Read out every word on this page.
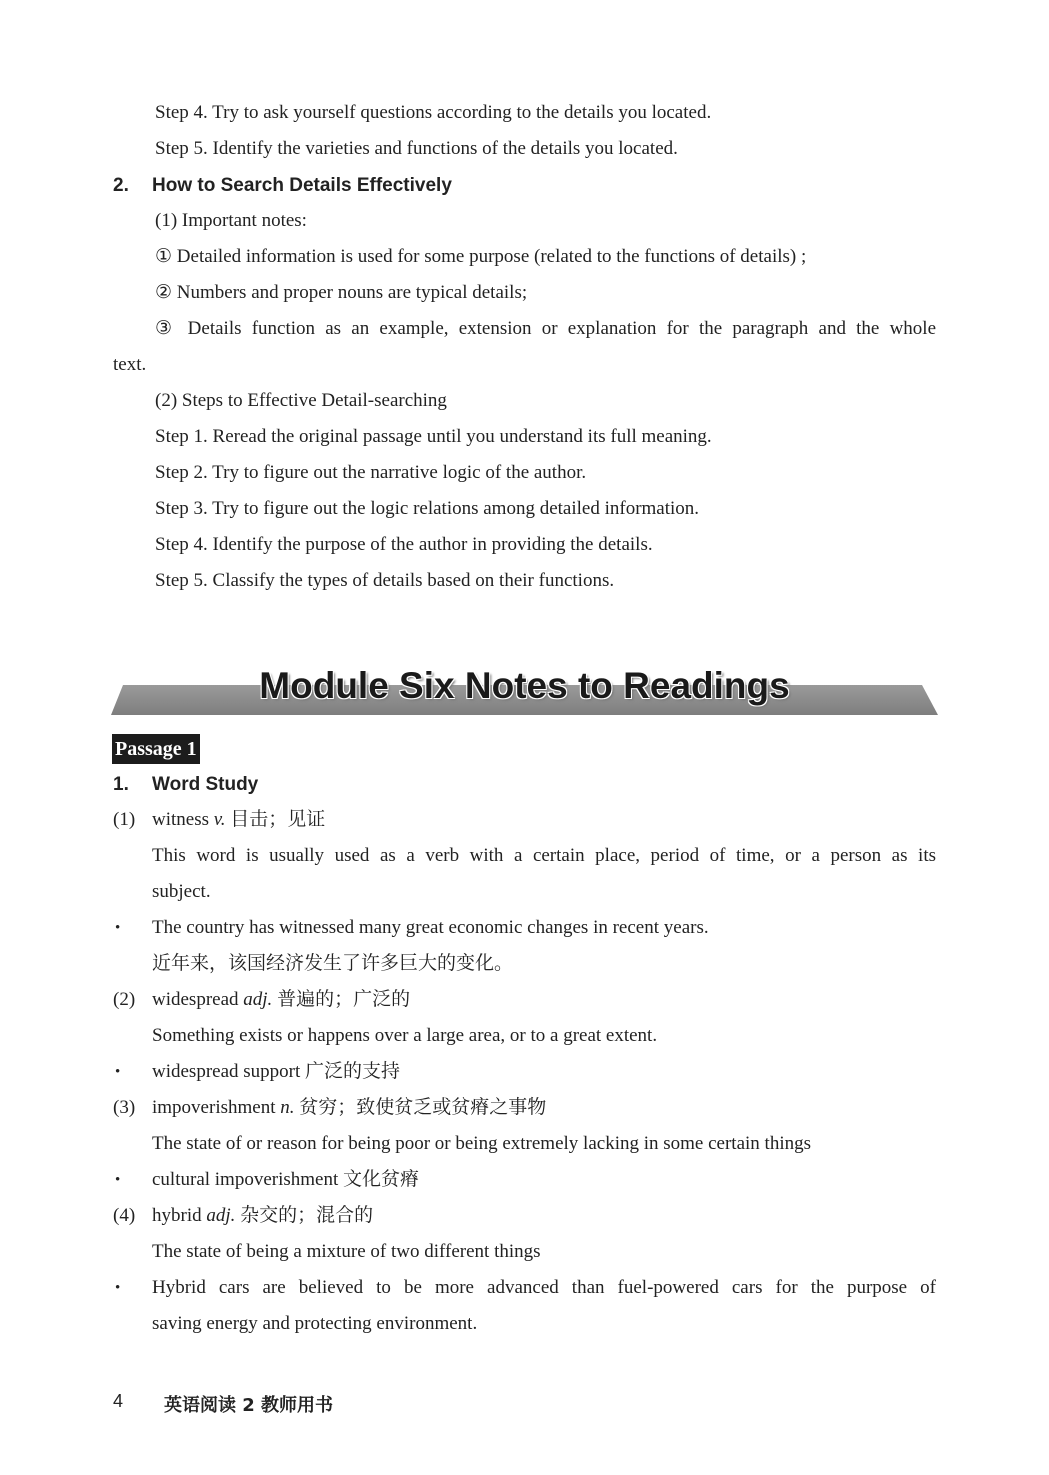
Step 4. Try to ask yourself questions according to the details you located.
Step 5. Identify the varieties and functions of the details you located.
2. How to Search Details Effectively
(1) Important notes:
① Detailed information is used for some purpose (related to the functions of details) ;
② Numbers and proper nouns are typical details;
③ Details function as an example, extension or explanation for the paragraph and the whole
text.
(2) Steps to Effective Detail-searching
Step 1. Reread the original passage until you understand its full meaning.
Step 2. Try to figure out the narrative logic of the author.
Step 3. Try to figure out the logic relations among detailed information.
Step 4. Identify the purpose of the author in providing the details.
Step 5. Classify the types of details based on their functions.
Module Six Notes to Readings
Passage 1
1. Word Study
(1) witness v. 目击；见证
This word is usually used as a verb with a certain place, period of time, or a person as its
subject.
• The country has witnessed many great economic changes in recent years.
近年来，该国经济发生了许多巨大的变化。
(2) widespread adj. 普遍的；广泛的
Something exists or happens over a large area, or to a great extent.
• widespread support 广泛的支持
(3) impoverishment n. 贫穷；致使贫乏或贫瘠之事物
The state of or reason for being poor or being extremely lacking in some certain things
• cultural impoverishment 文化贫瘠
(4) hybrid adj. 杂交的；混合的
The state of being a mixture of two different things
• Hybrid cars are believed to be more advanced than fuel-powered cars for the purpose of
saving energy and protecting environment.
4 英语阅读 2 教师用书
